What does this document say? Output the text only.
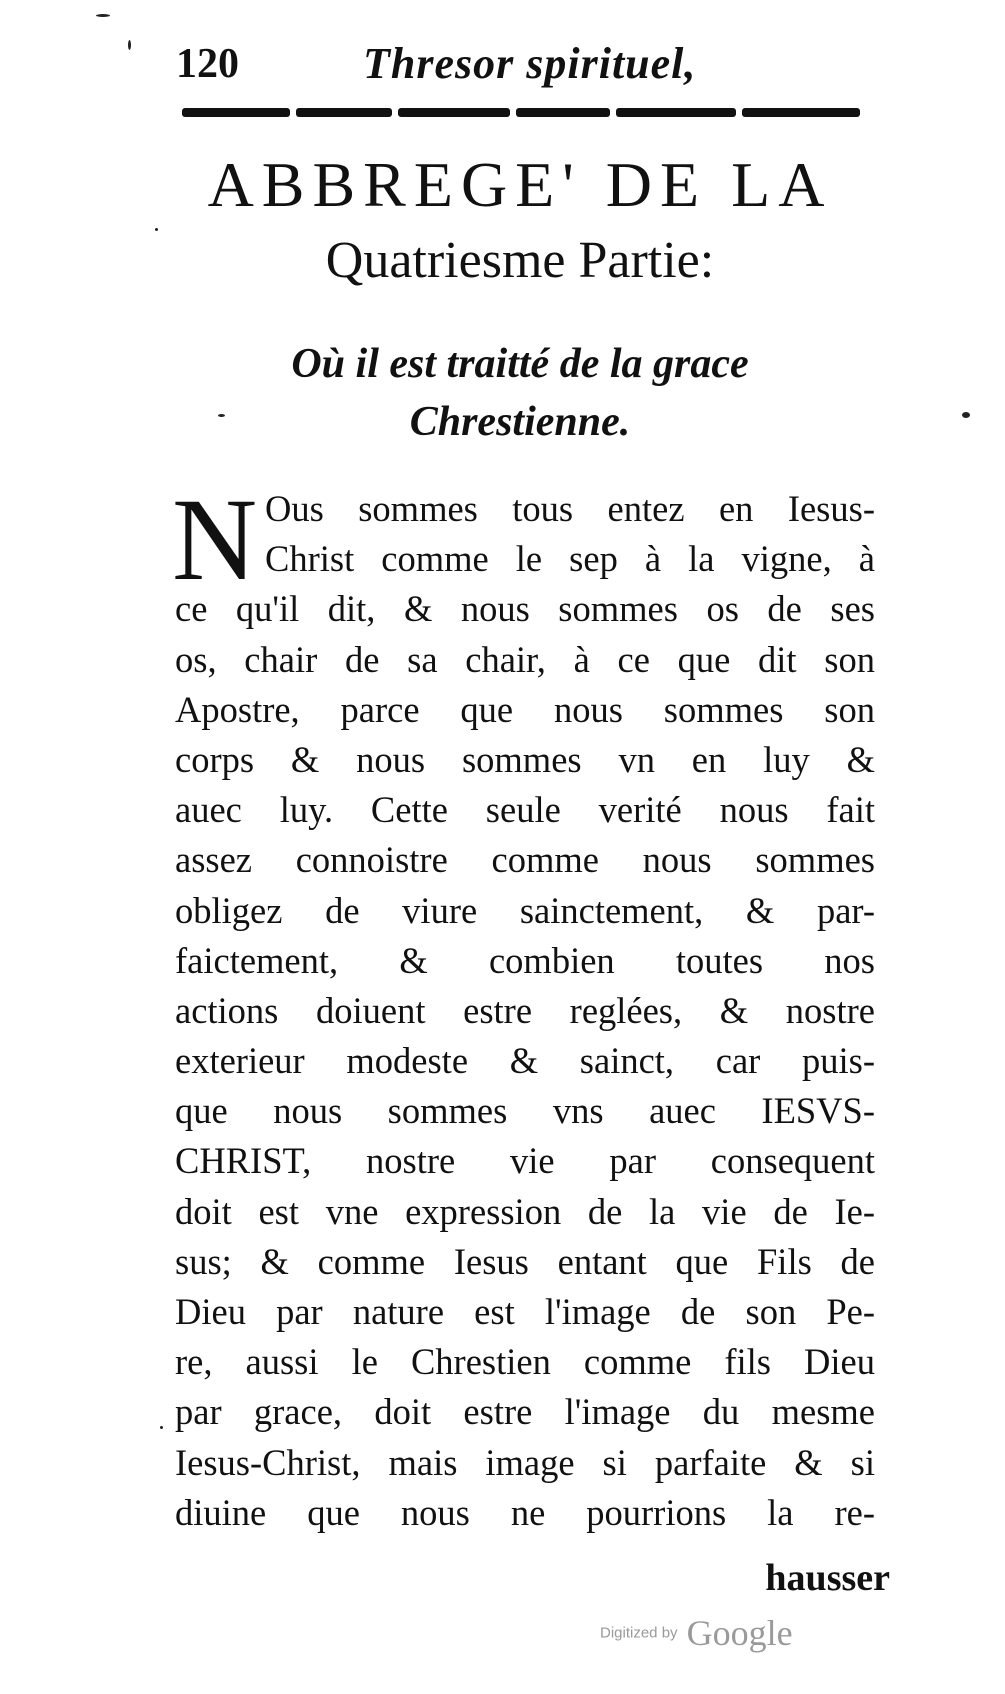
120	Thresor spirituel,
ABBREGE' DE LA
Quatriesme Partie:
Où il est traitté de la grace
Chrestienne.
N Ous sommes tous entez en Iesus-
Christ comme le sep à la vigne, à
ce qu'il dit, & nous sommes os de ses
os, chair de sa chair, à ce que dit son
Apostre, parce que nous sommes son
corps & nous sommes vn en luy &
auec luy. Cette seule verité nous fait
assez connoistre comme nous sommes
obligez de viure sainctement, & par-
faictement, & combien toutes nos
actions doiuent estre reglées, & nostre
exterieur modeste & sainct, car puis-
que nous sommes vns auec IESVS-
CHRIST, nostre vie par consequent
doit est vne expression de la vie de Ie-
sus; & comme Iesus entant que Fils de
Dieu par nature est l'image de son Pe-
re, aussi le Chrestien comme fils Dieu
par grace, doit estre l'image du mesme
Iesus-Christ, mais image si parfaite & si
diuine que nous ne pourrions la re-
hausser
Digitized by Google
